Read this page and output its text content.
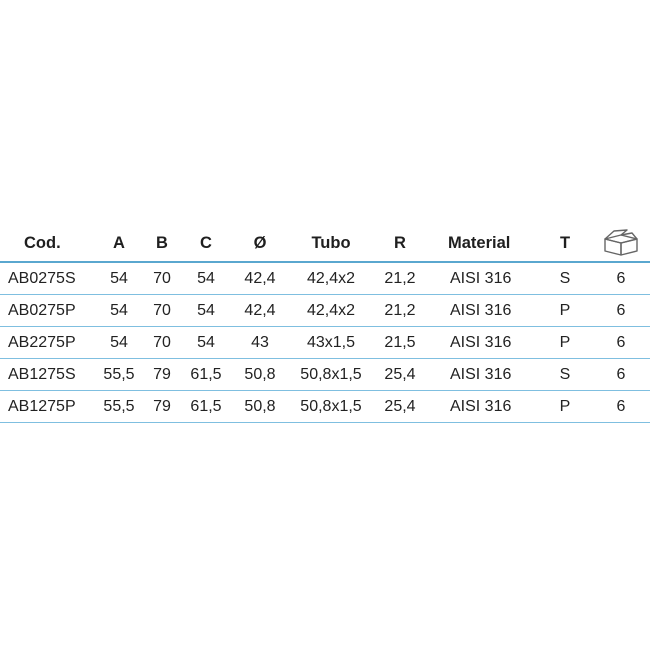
Cod.	A	B	C	Ø	Tubo	R	Material	T
AB0275S	54	70	54	42,4	42,4x2	21,2	AISI 316	S	6
AB0275P	54	70	54	42,4	42,4x2	21,2	AISI 316	P	6
AB2275P	54	70	54	43	43x1,5	21,5	AISI 316	P	6
AB1275S	55,5	79	61,5	50,8	50,8x1,5	25,4	AISI 316	S	6
AB1275P	55,5	79	61,5	50,8	50,8x1,5	25,4	AISI 316	P	6
